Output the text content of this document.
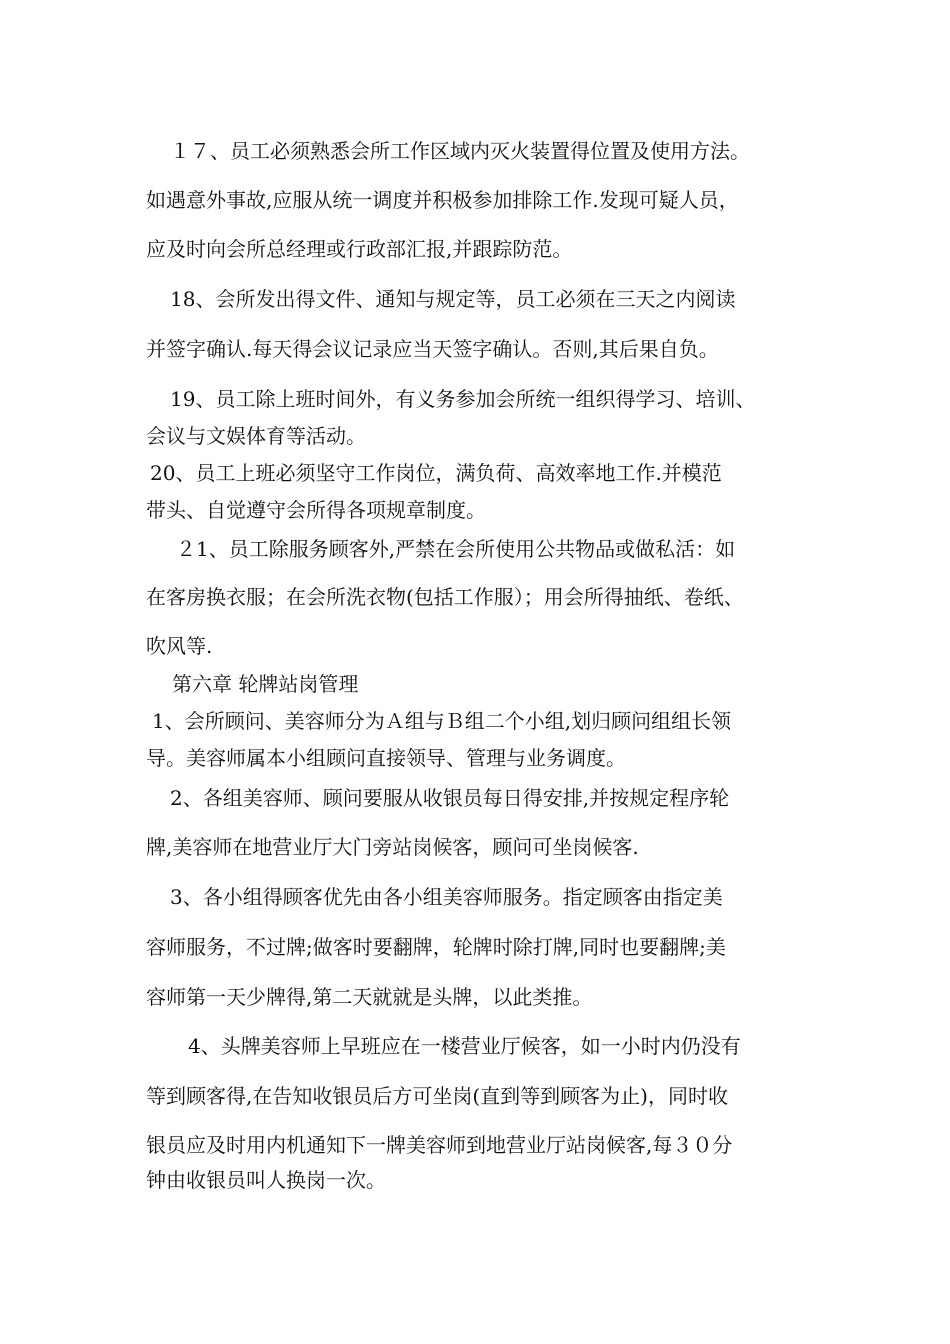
１７、员工必须熟悉会所工作区域内灭火装置得位置及使用方法。

如遇意外事故,应服从统一调度并积极参加排除工作.发现可疑人员，

应及时向会所总经理或行政部汇报,并跟踪防范。

18、会所发出得文件、通知与规定等，员工必须在三天之内阅读

并签字确认.每天得会议记录应当天签字确认。否则,其后果自负。

19、员工除上班时间外，有义务参加会所统一组织得学习、培训、

会议与文娱体育等活动。

20、员工上班必须坚守工作岗位，满负荷、高效率地工作.并模范

带头、自觉遵守会所得各项规章制度。

２1、员工除服务顾客外,严禁在会所使用公共物品或做私活：如

在客房换衣服；在会所洗衣物(包括工作服）；用会所得抽纸、卷纸、

吹风等.

第六章 轮牌站岗管理

1、会所顾问、美容师分为Ａ组与Ｂ组二个小组,划归顾问组组长领

导。美容师属本小组顾问直接领导、管理与业务调度。

2、各组美容师、顾问要服从收银员每日得安排,并按规定程序轮

牌,美容师在地营业厅大门旁站岗候客，顾问可坐岗候客.

3、各小组得顾客优先由各小组美容师服务。指定顾客由指定美

容师服务，不过牌;做客时要翻牌，轮牌时除打牌,同时也要翻牌;美

容师第一天少牌得,第二天就就是头牌，以此类推。

4、头牌美容师上早班应在一楼营业厅候客，如一小时内仍没有

等到顾客得,在告知收银员后方可坐岗(直到等到顾客为止)，同时收

银员应及时用内机通知下一牌美容师到地营业厅站岗候客,每３０分

钟由收银员叫人换岗一次。
